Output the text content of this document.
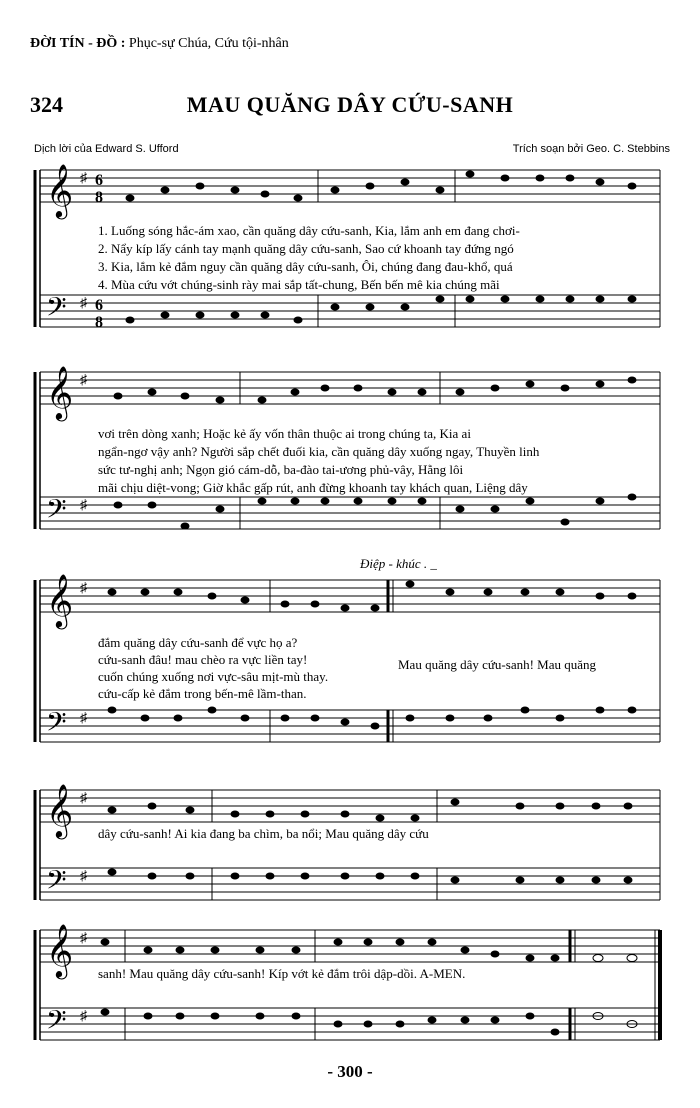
ĐỜI TÍN - ĐỒ : Phục-sự Chúa, Cứu tội-nhân
324	MAU QUĂNG DÂY CỨU-SANH
Dịch lời của Edward S. Ufford	Trích soạn bởi Geo. C. Stebbins
𝄞 ♯ 6
8
𝄢 ♯ 6
8
1. Luống sóng hắc-ám xao, cần quăng dây cứu-sanh, Kia, lắm anh em đang chơi-
2. Nẩy kíp lấy cánh tay mạnh quăng dây cứu-sanh, Sao cứ khoanh tay đứng ngó
3. Kia, lắm kẻ đắm nguy cần quăng dây cứu-sanh, Ôi, chúng đang đau-khổ, quá
4. Mùa cứu vớt chúng-sinh rày mai sắp tất-chung, Bến bến mê kia chúng mãi
𝄞 ♯
𝄢 ♯
vơi trên dòng xanh; Hoặc kẻ ấy vốn thân thuộc ai trong chúng ta, Kia ai
ngẩn-ngơ vậy anh? Người sắp chết đuối kia, cần quăng dây xuống ngay, Thuyền linh
sức tư-nghị anh; Ngọn gió cám-dỗ, ba-đào tai-ương phủ-vây, Hằng lôi
mãi chịu diệt-vong; Giờ khắc gấp rút, anh đừng khoanh tay khách quan, Liệng dây
Điệp - khúc . _
𝄞 ♯
𝄢 ♯
đắm quăng dây cứu-sanh để vực họ a?
cứu-sanh đâu! mau chèo ra vực liền tay!
cuốn chúng xuống nơi vực-sâu mịt-mù thay.
cứu-cấp kẻ đắm trong bến-mê lầm-than.
Mau quăng dây cứu-sanh! Mau quăng
𝄞 ♯
𝄢 ♯
dây cứu-sanh! Ai kia đang ba chìm, ba nổi; Mau quăng dây cứu
𝄞 ♯
𝄢 ♯
sanh! Mau quăng dây cứu-sanh! Kíp vớt kẻ đắm trôi dập-dồi. A-MEN.
- 300 -
